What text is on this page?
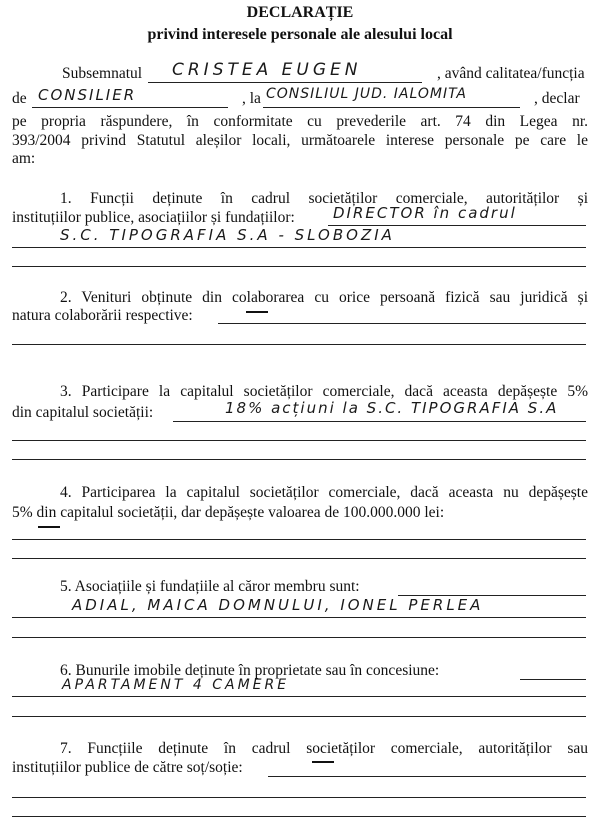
DECLARAȚIE
privind interesele personale ale alesului local
Subsemnatul	, având calitatea/funcția
CRISTEA EUGEN
de	, la	, declar
CONSILIER	CONSILIUL JUD. IALOMITA
pe propria răspundere, în conformitate cu prevederile art. 74 din Legea nr.
393/2004 privind Statutul aleșilor locali, următoarele interese personale pe care le
am:
1. Funcții deținute în cadrul societăților comerciale, autorităților și
instituțiilor publice, asociațiilor și fundațiilor:	DIRECTOR în cadrul
S.C. TIPOGRAFIA S.A - SLOBOZIA
2. Venituri obținute din colaborarea cu orice persoană fizică sau juridică și
natura colaborării respective:
3. Participare la capitalul societăților comerciale, dacă aceasta depășește 5%
din capitalul societății:	18% acțiuni la S.C. TIPOGRAFIA S.A
4. Participarea la capitalul societăților comerciale, dacă aceasta nu depășește
5% din capitalul societății, dar depășește valoarea de 100.000.000 lei:
5. Asociațiile și fundațiile al căror membru sunt:
ADIAL, MAICA DOMNULUI, IONEL PERLEA
6. Bunurile imobile deținute în proprietate sau în concesiune:
APARTAMENT 4 CAMERE
7. Funcțiile deținute în cadrul societăților comerciale, autorităților sau
instituțiilor publice de către soț/soție:
